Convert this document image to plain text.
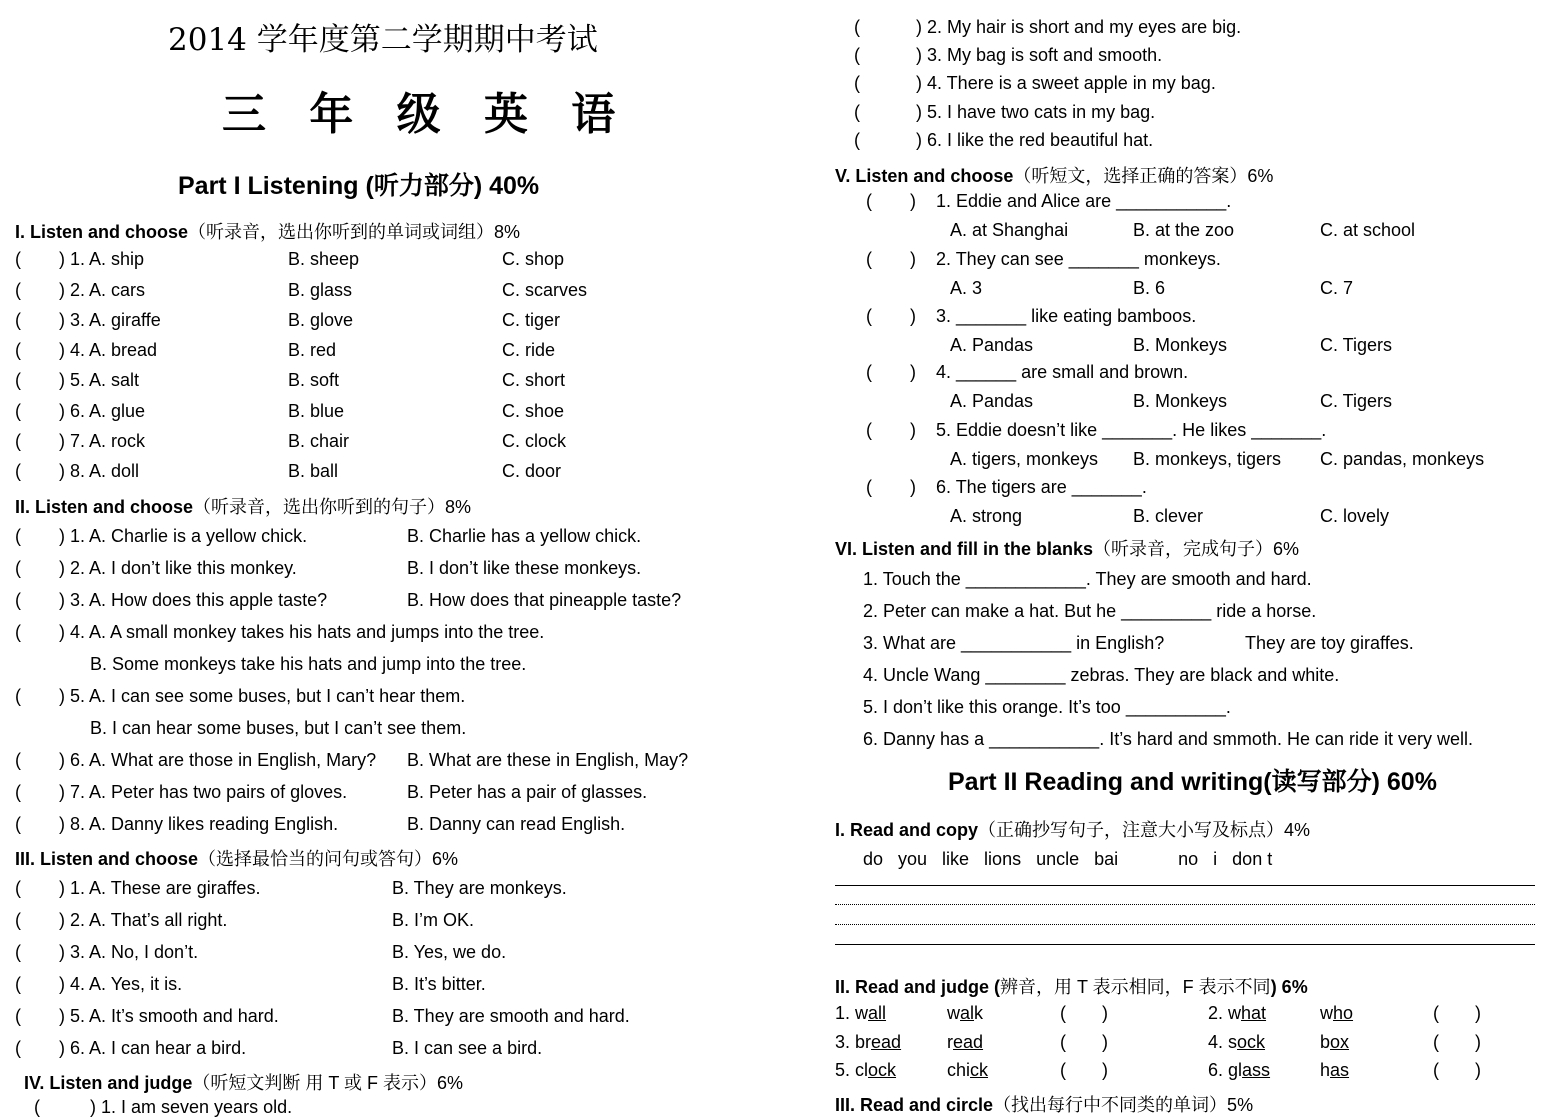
2014 学年度第二学期期中考试
三 年 级 英 语
Part I Listening (听力部分) 40%
I. Listen and choose（听录音，选出你听到的单词或词组）8%
( ) 1. A. ship	B. sheep	C. shop
( ) 2. A. cars	B. glass	C. scarves
( ) 3. A. giraffe	B. glove	C. tiger
( ) 4. A. bread	B. red	C. ride
( ) 5. A. salt	B. soft	C. short
( ) 6. A. glue	B. blue	C. shoe
( ) 7. A. rock	B. chair	C. clock
( ) 8. A. doll	B. ball	C. door
II. Listen and choose（听录音，选出你听到的句子）8%
( ) 1. A. Charlie is a yellow chick.	B. Charlie has a yellow chick.
( ) 2. A. I don’t like this monkey.	B. I don’t like these monkeys.
( ) 3. A. How does this apple taste?	B. How does that pineapple taste?
( ) 4. A. A small monkey takes his hats and jumps into the tree.
B. Some monkeys take his hats and jump into the tree.
( ) 5. A. I can see some buses, but I can’t hear them.
B. I can hear some buses, but I can’t see them.
( ) 6. A. What are those in English, Mary? B. What are these in English, May?
( ) 7. A. Peter has two pairs of gloves.	B. Peter has a pair of glasses.
( ) 8. A. Danny likes reading English.	B. Danny can read English.
III. Listen and choose（选择最恰当的问句或答句）6%
( ) 1. A. These are giraffes.	B. They are monkeys.
( ) 2. A. That’s all right.	B. I’m OK.
( ) 3. A. No, I don’t.	B. Yes, we do.
( ) 4. A. Yes, it is.	B. It’s bitter.
( ) 5. A. It’s smooth and hard.	B. They are smooth and hard.
( ) 6. A. I can hear a bird.	B. I can see a bird.
IV. Listen and judge（听短文判断 用 T 或 F 表示）6%
(	) 1. I am seven years old.
(	) 2. My hair is short and my eyes are big.
(	) 3. My bag is soft and smooth.
(	) 4. There is a sweet apple in my bag.
(	) 5. I have two cats in my bag.
(	) 6. I like the red beautiful hat.
V. Listen and choose（听短文，选择正确的答案）6%
( ) 1. Eddie and Alice are ___________.
A. at Shanghai	B. at the zoo	C. at school
( ) 2. They can see _______ monkeys.
A. 3	B. 6	C. 7
( ) 3. _______ like eating bamboos.
A. Pandas	B. Monkeys	C. Tigers
( ) 4. ______ are small and brown.
A. Pandas	B. Monkeys	C. Tigers
( ) 5. Eddie doesn’t like _______. He likes _______.
A. tigers, monkeys B. monkeys, tigers C. pandas, monkeys
( ) 6. The tigers are _______.
A. strong	B. clever	C. lovely
VI. Listen and fill in the blanks（听录音，完成句子）6%
1. Touch the ____________. They are smooth and hard.
2. Peter can make a hat. But he _________ ride a horse.
3. What are ___________ in English?
4. Uncle Wang ________ zebras. They are black and white.
5. I don’t like this orange. It’s too __________.
6. Danny has a ___________. It’s hard and smmoth. He can ride it very well.
They are toy giraffes.
Part II Reading and writing(读写部分) 60%
I. Read and copy（正确抄写句子，注意大小写及标点）4%
do   you   like   lions   uncle   bai            no   i   don t
II. Read and judge (辨音，用 T 表示相同，F 表示不同) 6%
1. wall	walk	( )	2. what	who	( )
3. bread	read	( )	4. sock	box	( )
5. clock	chick	( )	6. glass	has	( )
III. Read and circle（找出每行中不同类的单词）5%
